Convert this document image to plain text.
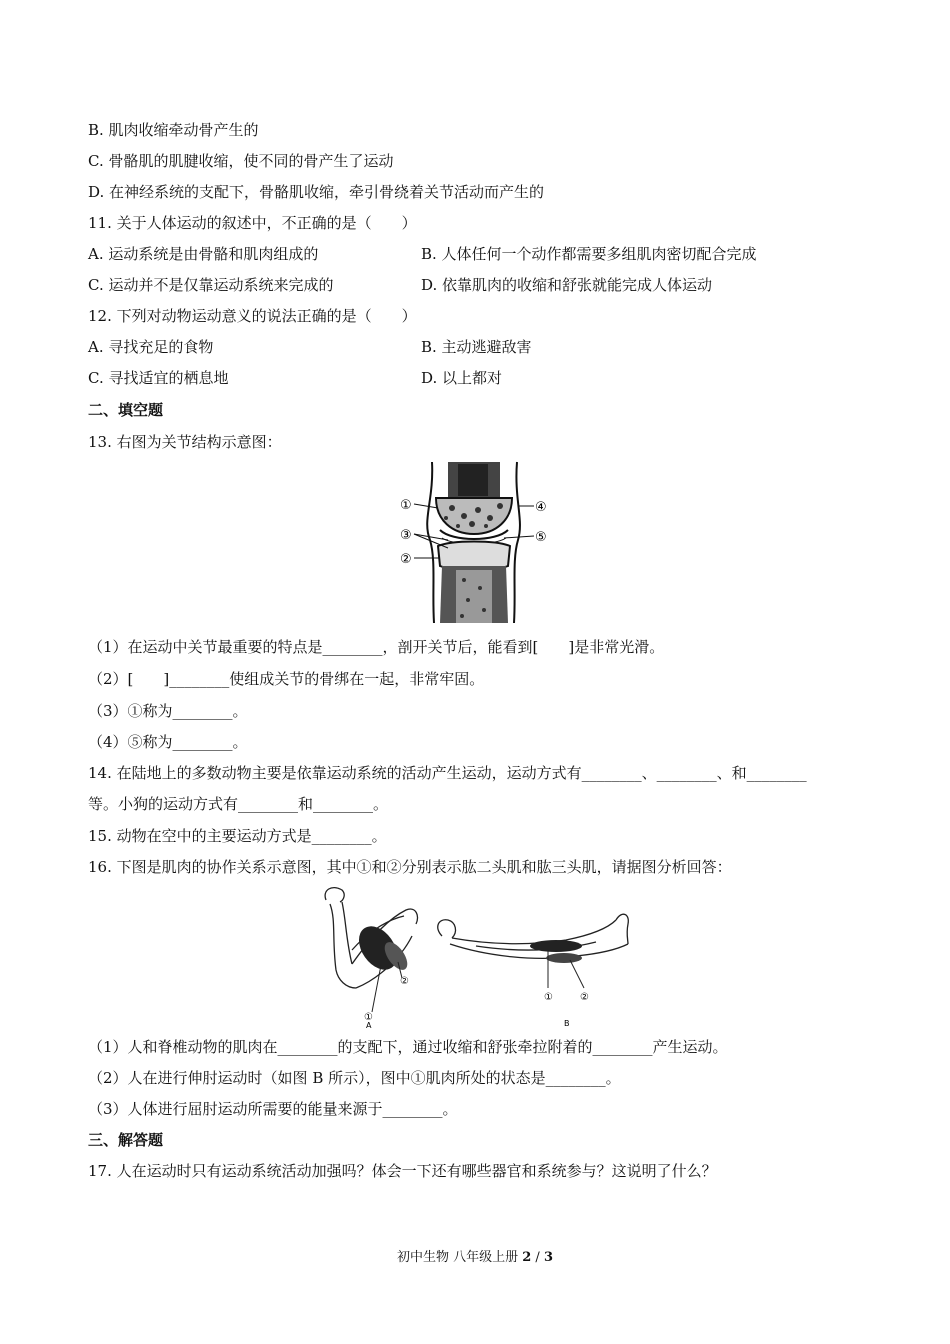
B. 肌肉收缩牵动骨产生的
C. 骨骼肌的肌腱收缩，使不同的骨产生了运动
D. 在神经系统的支配下，骨骼肌收缩，牵引骨绕着关节活动而产生的
11. 关于人体运动的叙述中，不正确的是（　　）
A. 运动系统是由骨骼和肌肉组成的	B. 人体任何一个动作都需要多组肌肉密切配合完成
C. 运动并不是仅靠运动系统来完成的	D. 依靠肌肉的收缩和舒张就能完成人体运动
12. 下列对动物运动意义的说法正确的是（　　）
A. 寻找充足的食物	B. 主动逃避敌害
C. 寻找适宜的栖息地	D. 以上都对
二、填空题
13. 右图为关节结构示意图：
①
③
②
④
⑤
（1）在运动中关节最重要的特点是________，剖开关节后，能看到[　　]是非常光滑。
（2）[　　]________使组成关节的骨绑在一起，非常牢固。
（3）①称为________。
（4）⑤称为________。
14. 在陆地上的多数动物主要是依靠运动系统的活动产生运动，运动方式有________、________、和________
等。小狗的运动方式有________和________。
15. 动物在空中的主要运动方式是________。
16. 下图是肌肉的协作关系示意图，其中①和②分别表示肱二头肌和肱三头肌，请据图分析回答：
①
②
A
①	②
B
（1）人和脊椎动物的肌肉在________的支配下，通过收缩和舒张牵拉附着的________产生运动。
（2）人在进行伸肘运动时（如图 B 所示），图中①肌肉所处的状态是________。
（3）人体进行屈肘运动所需要的能量来源于________。
三、解答题
17. 人在运动时只有运动系统活动加强吗？体会一下还有哪些器官和系统参与？这说明了什么？
初中生物 八年级上册 2 / 3
